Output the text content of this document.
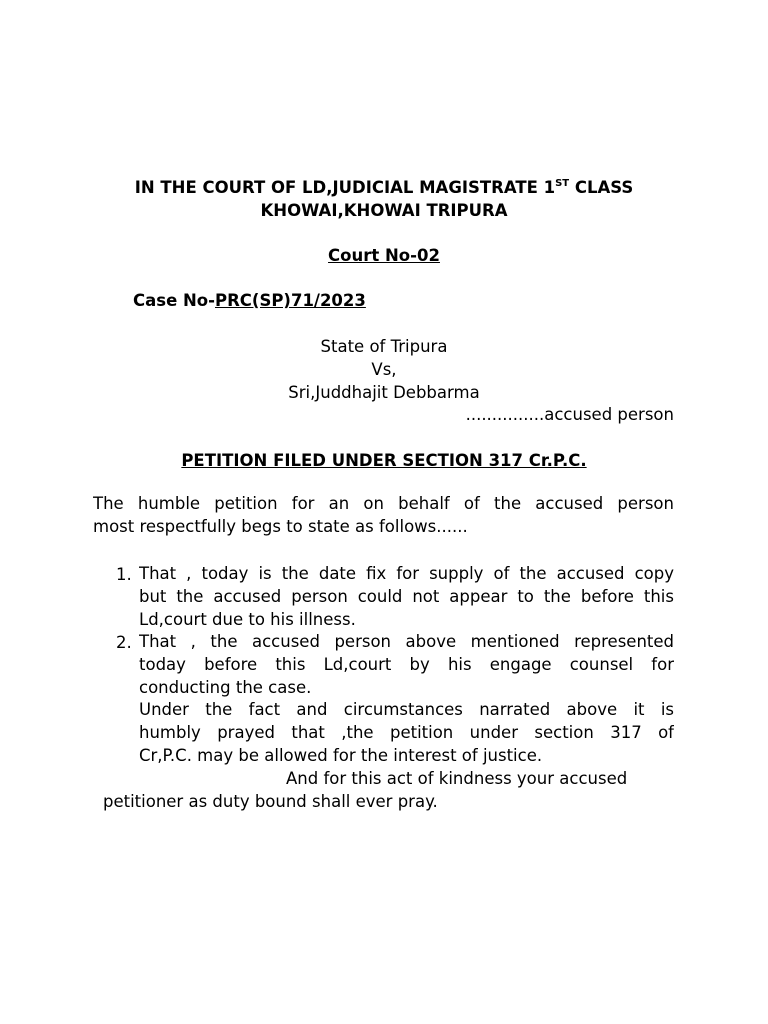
IN THE COURT OF LD,JUDICIAL MAGISTRATE 1ST CLASS
KHOWAI,KHOWAI TRIPURA
Court No-02
Case No-PRC(SP)71/2023
State of Tripura
Vs,
Sri,Juddhajit Debbarma
...............accused person
PETITION FILED UNDER SECTION 317 Cr.P.C.
The humble petition for an on behalf of the accused person
most respectfully begs to state as follows......
1. That , today is the date fix for supply of the accused copy
but the accused person could not appear to the before this
Ld,court due to his illness.
2. That , the accused person above mentioned represented
today before this Ld,court by his engage counsel for
conducting the case.
Under the fact and circumstances narrated above it is
humbly prayed that ,the petition under section 317 of
Cr,P.C. may be allowed for the interest of justice.
And for this act of kindness your accused
petitioner as duty bound shall ever pray.
